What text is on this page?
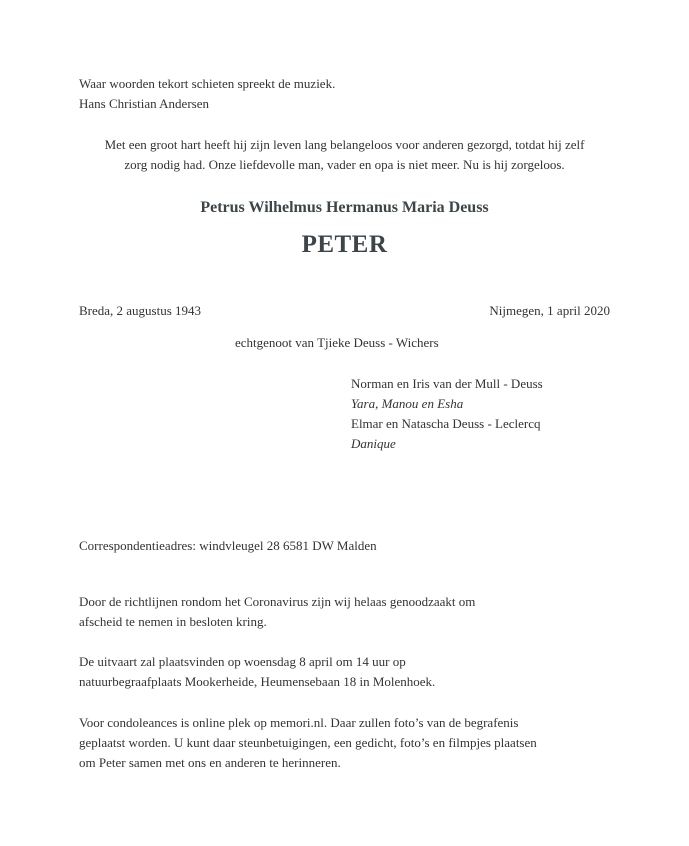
Waar woorden tekort schieten spreekt de muziek.
Hans Christian Andersen
Met een groot hart heeft hij zijn leven lang belangeloos voor anderen gezorgd, totdat hij zelf
zorg nodig had. Onze liefdevolle man, vader en opa is niet meer. Nu is hij zorgeloos.
Petrus Wilhelmus Hermanus Maria Deuss
PETER
Breda, 2 augustus 1943	Nijmegen, 1 april 2020
echtgenoot van Tjieke Deuss - Wichers
Norman en Iris van der Mull - Deuss
Yara, Manou en Esha
Elmar en Natascha Deuss - Leclercq
Danique
Correspondentieadres: windvleugel 28 6581 DW Malden
Door de richtlijnen rondom het Coronavirus zijn wij helaas genoodzaakt om
afscheid te nemen in besloten kring.
De uitvaart zal plaatsvinden op woensdag 8 april om 14 uur op
natuurbegraafplaats Mookerheide, Heumensebaan 18 in Molenhoek.
Voor condoleances is online plek op memori.nl. Daar zullen foto’s van de begrafenis
geplaatst worden. U kunt daar steunbetuigingen, een gedicht, foto’s en filmpjes plaatsen
om Peter samen met ons en anderen te herinneren.
